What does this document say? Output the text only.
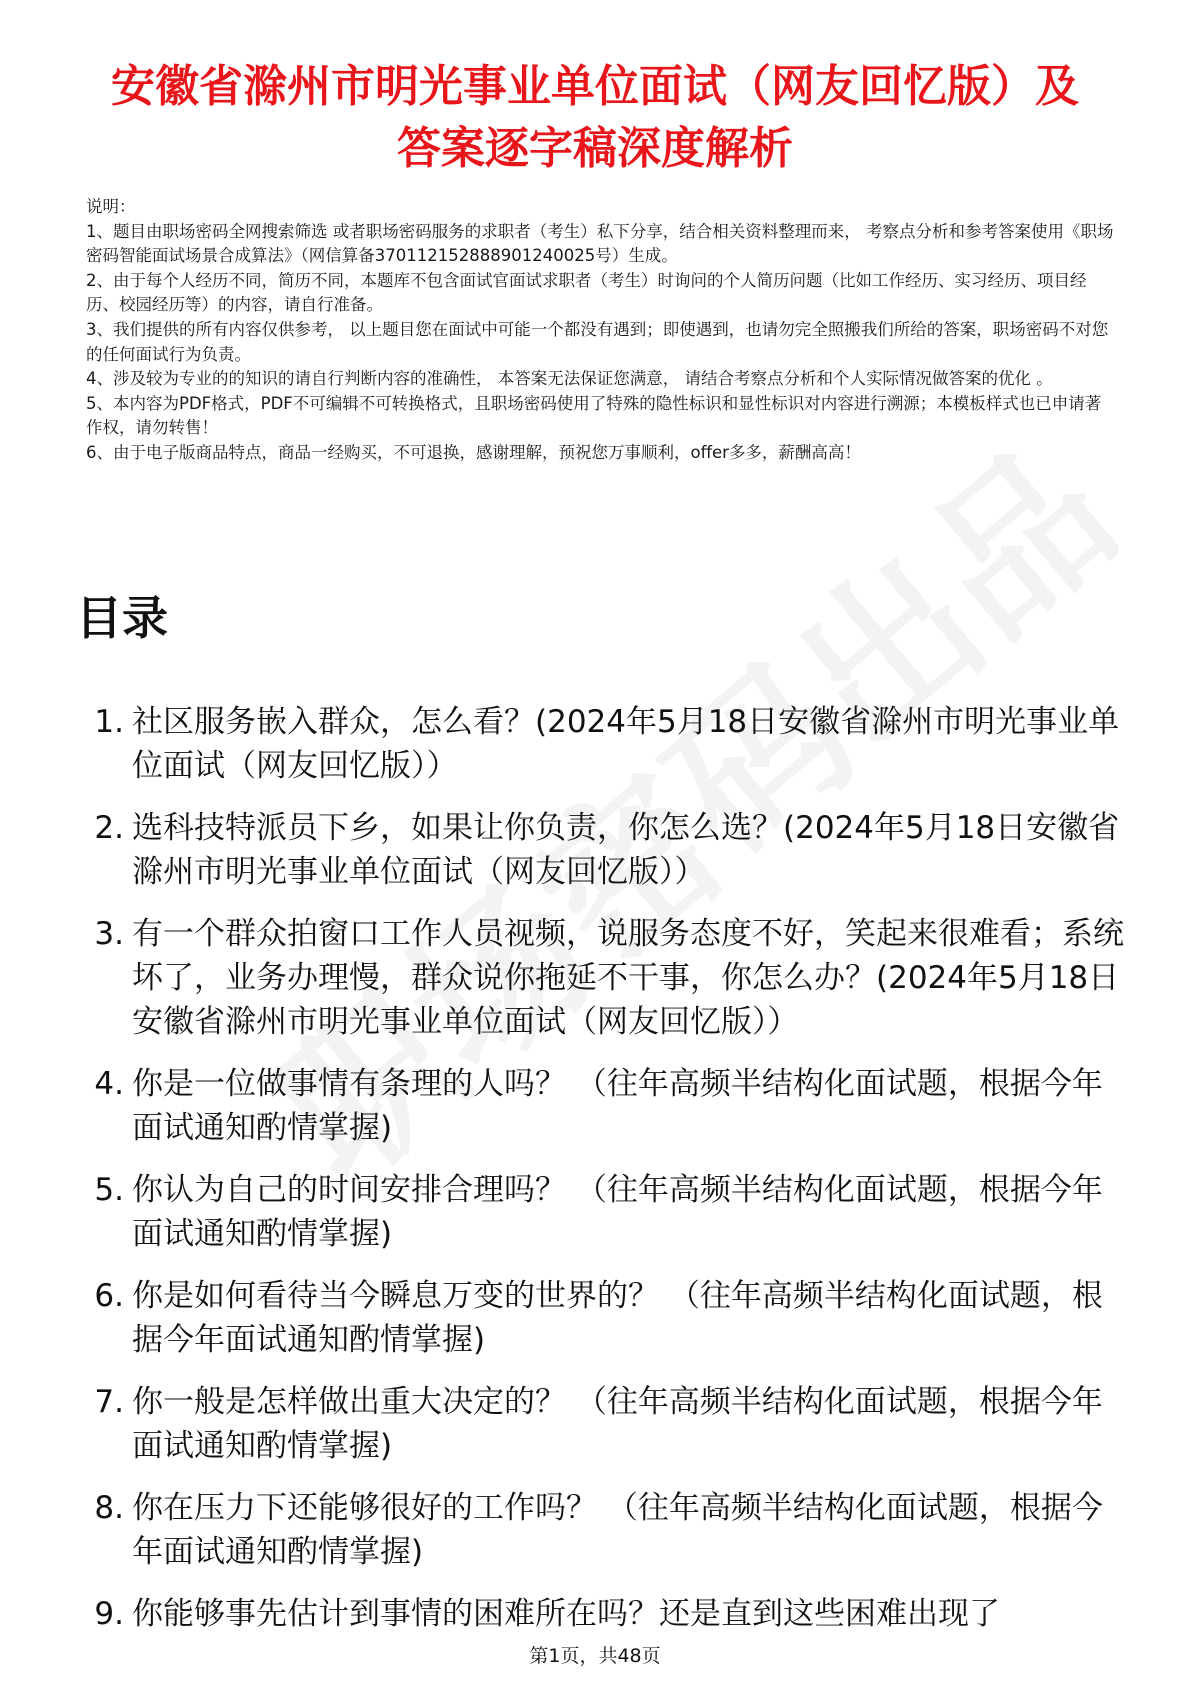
安徽省滁州市明光事业单位面试（网友回忆版）及答案逐字稿深度解析

说明：

1、题目由职场密码全网搜索筛选 或者职场密码服务的求职者（考生）私下分享，结合相关资料整理而来， 考察点分析和参考答案使用《职场密码智能面试场景合成算法》（网信算备370112152888901240025号）生成。

2、由于每个人经历不同，简历不同，本题库不包含面试官面试求职者（考生）时询问的个人简历问题（比如工作经历、实习经历、项目经历、校园经历等）的内容，请自行准备。

3、我们提供的所有内容仅供参考， 以上题目您在面试中可能一个都没有遇到；即使遇到，也请勿完全照搬我们所给的答案，职场密码不对您的任何面试行为负责。

4、涉及较为专业的的知识的请自行判断内容的准确性， 本答案无法保证您满意， 请结合考察点分析和个人实际情况做答案的优化 。

5、本内容为PDF格式，PDF不可编辑不可转换格式，且职场密码使用了特殊的隐性标识和显性标识对内容进行溯源；本模板样式也已申请著作权，请勿转售！

6、由于电子版商品特点，商品一经购买，不可退换，感谢理解，预祝您万事顺利，offer多多，薪酬高高！

目录
1. 社区服务嵌入群众，怎么看？(2024年5月18日安徽省滁州市明光事业单位面试（网友回忆版））
2. 选科技特派员下乡，如果让你负责，你怎么选？(2024年5月18日安徽省滁州市明光事业单位面试（网友回忆版））
3. 有一个群众拍窗口工作人员视频，说服务态度不好，笑起来很难看；系统坏了，业务办理慢，群众说你拖延不干事，你怎么办？(2024年5月18日安徽省滁州市明光事业单位面试（网友回忆版））
4. 你是一位做事情有条理的人吗？ （往年高频半结构化面试题，根据今年面试通知酌情掌握)
5. 你认为自己的时间安排合理吗？ （往年高频半结构化面试题，根据今年面试通知酌情掌握)
6. 你是如何看待当今瞬息万变的世界的？ （往年高频半结构化面试题，根据今年面试通知酌情掌握)
7. 你一般是怎样做出重大决定的？ （往年高频半结构化面试题，根据今年面试通知酌情掌握)
8. 你在压力下还能够很好的工作吗？ （往年高频半结构化面试题，根据今年面试通知酌情掌握)
9. 你能够事先估计到事情的困难所在吗？还是直到这些困难出现了
第1页，共48页
